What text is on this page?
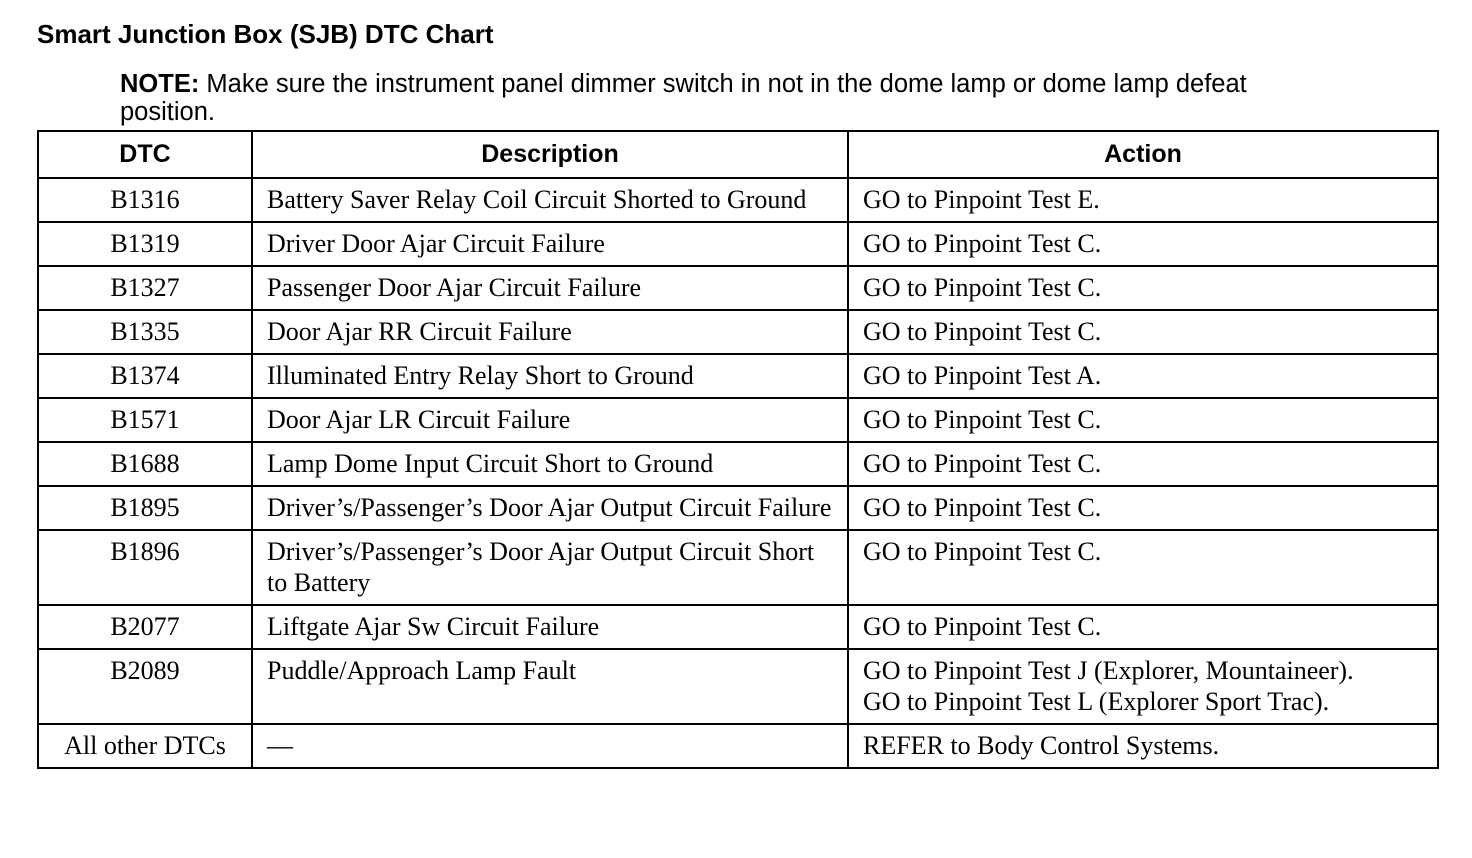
Smart Junction Box (SJB) DTC Chart
NOTE: Make sure the instrument panel dimmer switch in not in the dome lamp or dome lamp defeat position.
DTC	Description	Action
B1316	Battery Saver Relay Coil Circuit Shorted to Ground	GO to Pinpoint Test E.

B1319	Driver Door Ajar Circuit Failure	GO to Pinpoint Test C.

B1327	Passenger Door Ajar Circuit Failure	GO to Pinpoint Test C.

B1335	Door Ajar RR Circuit Failure	GO to Pinpoint Test C.

B1374	Illuminated Entry Relay Short to Ground	GO to Pinpoint Test A.

B1571	Door Ajar LR Circuit Failure	GO to Pinpoint Test C.

B1688	Lamp Dome Input Circuit Short to Ground	GO to Pinpoint Test C.

B1895	Driver’s/Passenger’s Door Ajar Output Circuit Failure	GO to Pinpoint Test C.

B1896	Driver’s/Passenger’s Door Ajar Output Circuit Short to Battery	GO to Pinpoint Test C.

B2077	Liftgate Ajar Sw Circuit Failure	GO to Pinpoint Test C.

B2089	Puddle/Approach Lamp Fault	GO to Pinpoint Test J (Explorer, Mountaineer).
GO to Pinpoint Test L (Explorer Sport Trac).

All other DTCs	—	REFER to Body Control Systems.
